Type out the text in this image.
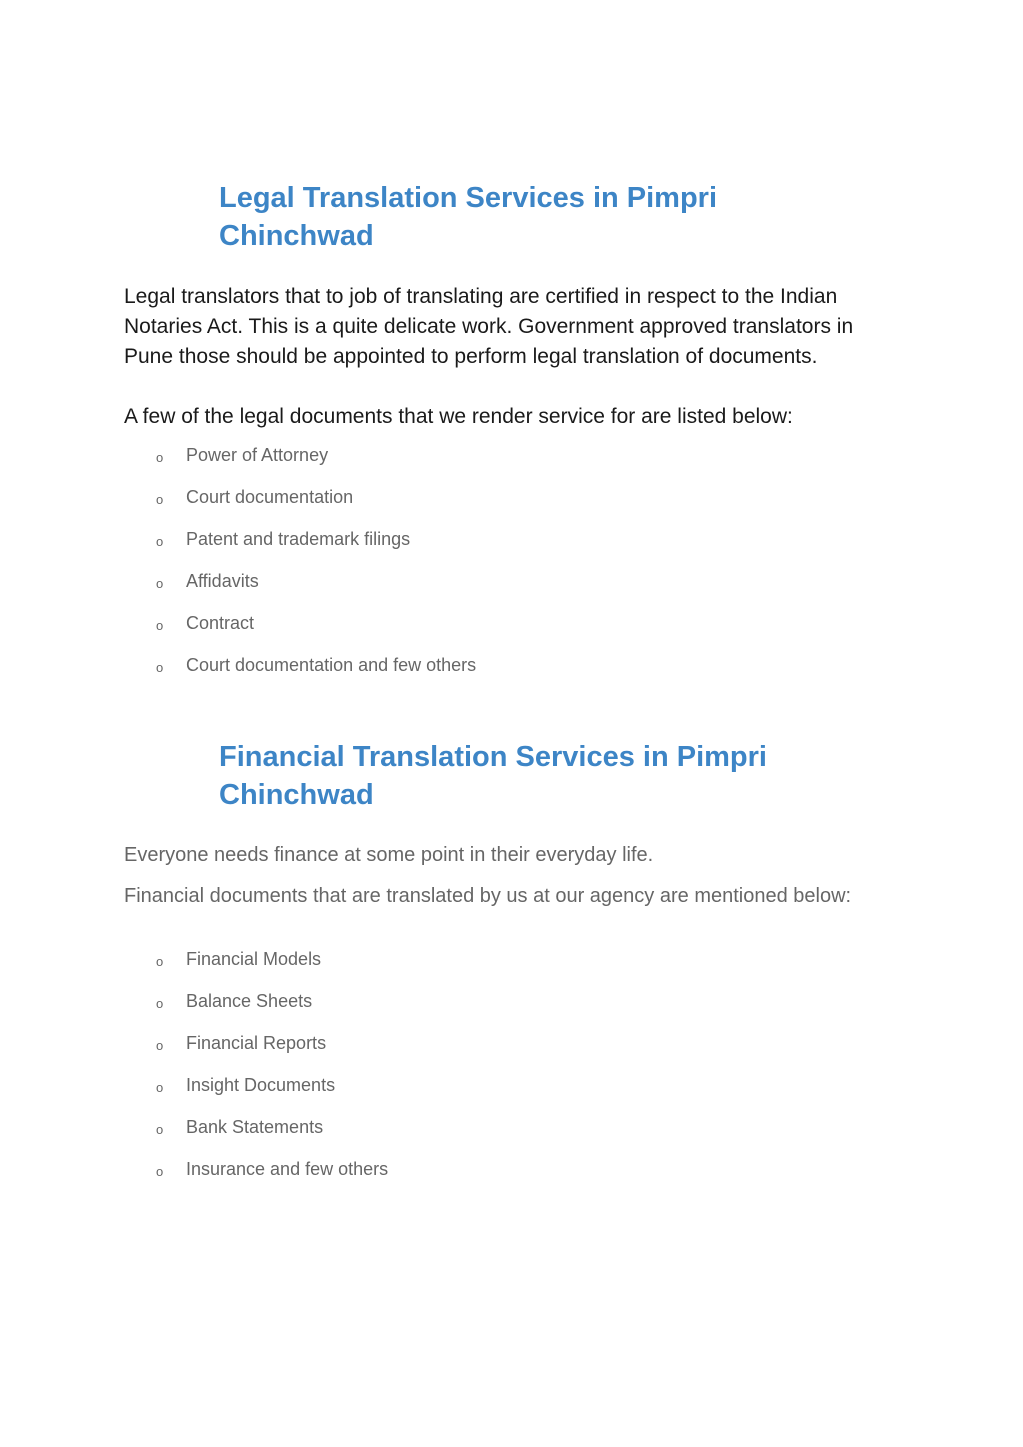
Legal Translation Services in Pimpri Chinchwad

Legal translators that to job of translating are certified in respect to the Indian Notaries Act. This is a quite delicate work. Government approved translators in Pune those should be appointed to perform legal translation of documents.

A few of the legal documents that we render service for are listed below:

o Power of Attorney
o Court documentation
o Patent and trademark filings
o Affidavits
o Contract
o Court documentation and few others
Financial Translation Services in Pimpri Chinchwad

Everyone needs finance at some point in their everyday life.

Financial documents that are translated by us at our agency are mentioned below:

o Financial Models
o Balance Sheets
o Financial Reports
o Insight Documents
o Bank Statements
o Insurance and few others
